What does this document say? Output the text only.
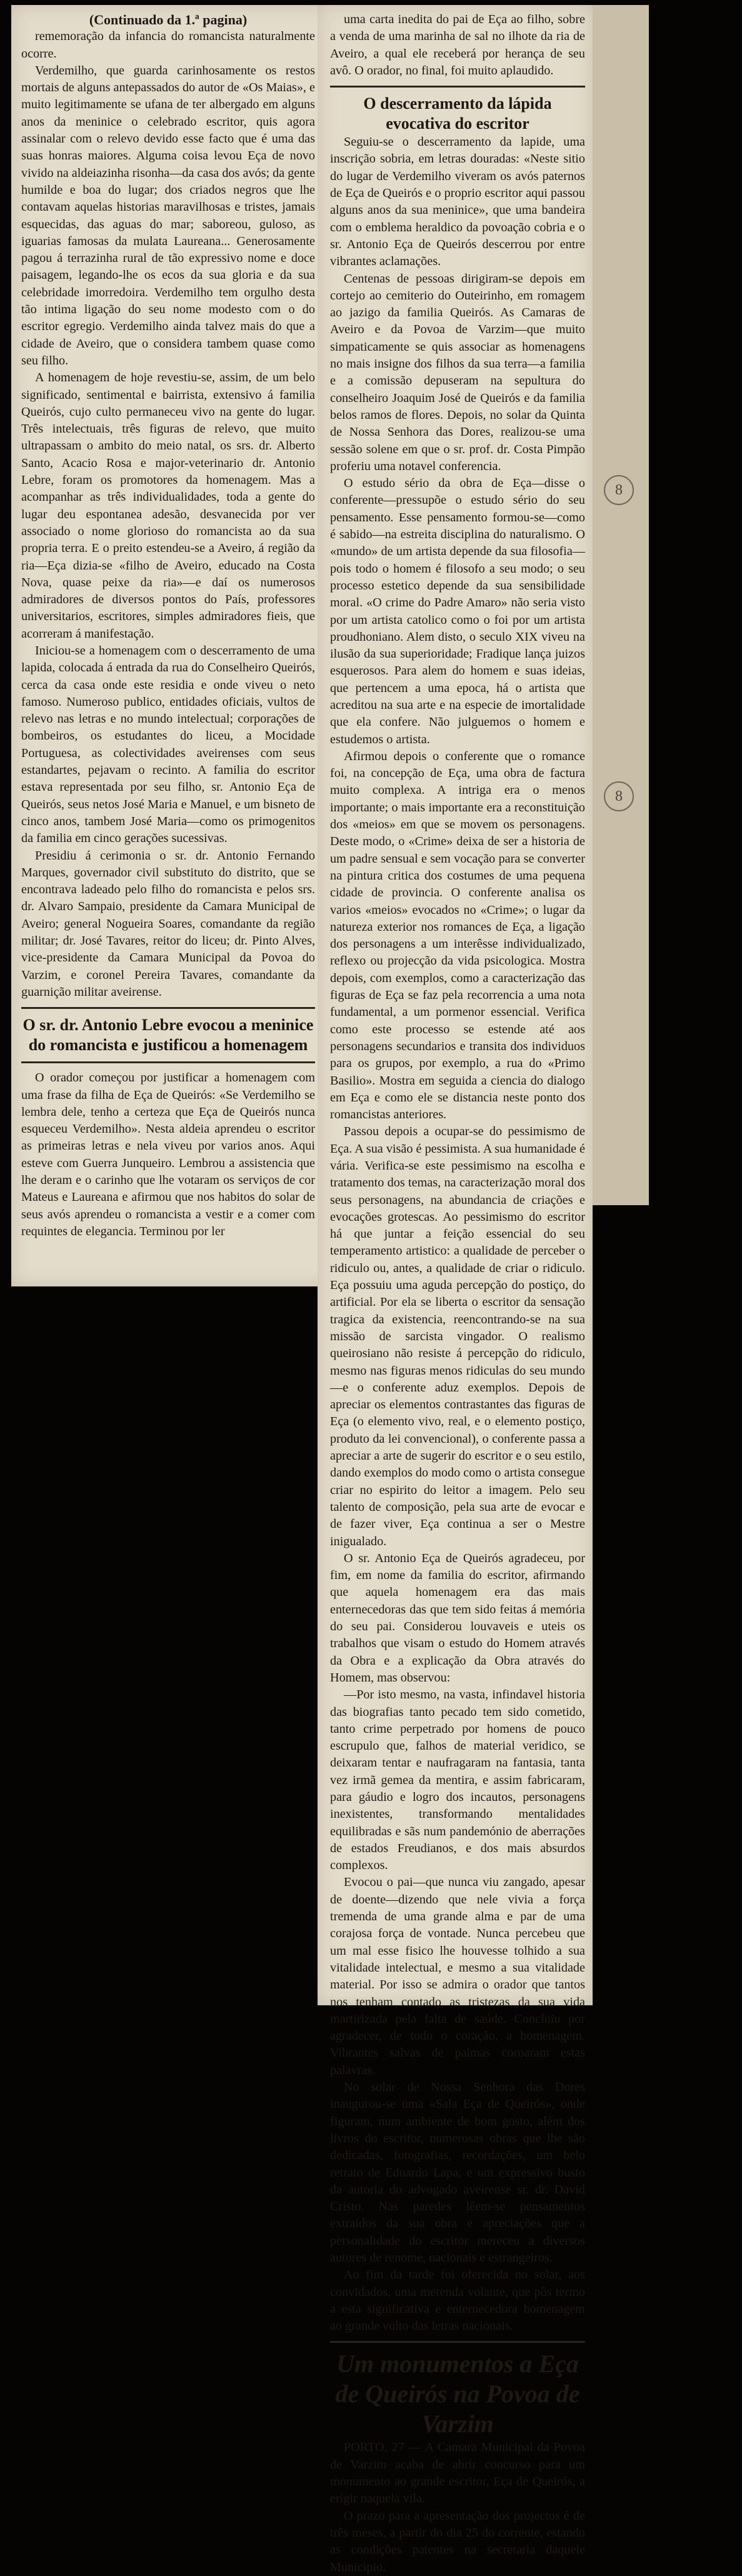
8
8

(Continuado da 1.ª pagina)

rememoração da infancia do romancista naturalmente ocorre.

Verdemilho, que guarda carinhosamente os restos mortais de alguns antepassados do autor de «Os Maias», e muito legitimamente se ufana de ter albergado em alguns anos da meninice o celebrado escritor, quis agora assinalar com o relevo devido esse facto que é uma das suas honras maiores. Alguma coisa levou Eça de novo vivido na aldeiazinha risonha—da casa dos avós; da gente humilde e boa do lugar; dos criados negros que lhe contavam aquelas historias maravilhosas e tristes, jamais esquecidas, das aguas do mar; saboreou, guloso, as iguarias famosas da mulata Laureana... Generosamente pagou á terrazinha rural de tão expressivo nome e doce paisagem, legando-lhe os ecos da sua gloria e da sua celebridade imorredoira. Verdemilho tem orgulho desta tão intima ligação do seu nome modesto com o do escritor egregio. Verdemilho ainda talvez mais do que a cidade de Aveiro, que o considera tambem quase como seu filho.

A homenagem de hoje revestiu-se, assim, de um belo significado, sentimental e bairrista, extensivo á familia Queirós, cujo culto permaneceu vivo na gente do lugar. Três intelectuais, três figuras de relevo, que muito ultrapassam o ambito do meio natal, os srs. dr. Alberto Santo, Acacio Rosa e major-veterinario dr. Antonio Lebre, foram os promotores da homenagem. Mas a acompanhar as três individualidades, toda a gente do lugar deu espontanea adesão, desvanecida por ver associado o nome glorioso do romancista ao da sua propria terra. E o preito estendeu-se a Aveiro, á região da ria—Eça dizia-se «filho de Aveiro, educado na Costa Nova, quase peixe da ria»—e daí os numerosos admiradores de diversos pontos do País, professores universitarios, escritores, simples admiradores fieis, que acorreram á manifestação.

Iniciou-se a homenagem com o descerramento de uma lapida, colocada á entrada da rua do Conselheiro Queirós, cerca da casa onde este residia e onde viveu o neto famoso. Numeroso publico, entidades oficiais, vultos de relevo nas letras e no mundo intelectual; corporações de bombeiros, os estudantes do liceu, a Mocidade Portuguesa, as colectividades aveirenses com seus estandartes, pejavam o recinto. A familia do escritor estava representada por seu filho, sr. Antonio Eça de Queirós, seus netos José Maria e Manuel, e um bisneto de cinco anos, tambem José Maria—como os primogenitos da familia em cinco gerações sucessivas.

Presidiu á cerimonia o sr. dr. Antonio Fernando Marques, governador civil substituto do distrito, que se encontrava ladeado pelo filho do romancista e pelos srs. dr. Alvaro Sampaio, presidente da Camara Municipal de Aveiro; general Nogueira Soares, comandante da região militar; dr. José Tavares, reitor do liceu; dr. Pinto Alves, vice-presidente da Camara Municipal da Povoa do Varzim, e coronel Pereira Tavares, comandante da guarnição militar aveirense.

O sr. dr. Antonio Lebre evocou a meninice do romancista e justificou a homenagem

O orador começou por justificar a homenagem com uma frase da filha de Eça de Queirós: «Se Verdemilho se lembra dele, tenho a certeza que Eça de Queirós nunca esqueceu Verdemilho». Nesta aldeia aprendeu o escritor as primeiras letras e nela viveu por varios anos. Aqui esteve com Guerra Junqueiro. Lembrou a assistencia que lhe deram e o carinho que lhe votaram os serviços de cor Mateus e Laureana e afirmou que nos habitos do solar de seus avós aprendeu o romancista a vestir e a comer com requintes de elegancia. Terminou por ler

uma carta inedita do pai de Eça ao filho, sobre a venda de uma marinha de sal no ilhote da ria de Aveiro, a qual ele receberá por herança de seu avô. O orador, no final, foi muito aplaudido.

O descerramento da lápida evocativa do escritor

Seguiu-se o descerramento da lapide, uma inscrição sobria, em letras douradas: «Neste sitio do lugar de Verdemilho viveram os avós paternos de Eça de Queirós e o proprio escritor aqui passou alguns anos da sua meninice», que uma bandeira com o emblema heraldico da povoação cobria e o sr. Antonio Eça de Queirós descerrou por entre vibrantes aclamações.

Centenas de pessoas dirigiram-se depois em cortejo ao cemiterio do Outeirinho, em romagem ao jazigo da familia Queirós. As Camaras de Aveiro e da Povoa de Varzim—que muito simpaticamente se quis associar as homenagens no mais insigne dos filhos da sua terra—a familia e a comissão depuseram na sepultura do conselheiro Joaquim José de Queirós e da familia belos ramos de flores. Depois, no solar da Quinta de Nossa Senhora das Dores, realizou-se uma sessão solene em que o sr. prof. dr. Costa Pimpão proferiu uma notavel conferencia.

O estudo sério da obra de Eça—disse o conferente—pressupõe o estudo sério do seu pensamento. Esse pensamento formou-se—como é sabido—na estreita disciplina do naturalismo. O «mundo» de um artista depende da sua filosofia—pois todo o homem é filosofo a seu modo; o seu processo estetico depende da sua sensibilidade moral. «O crime do Padre Amaro» não seria visto por um artista catolico como o foi por um artista proudhoniano. Alem disto, o seculo XIX viveu na ilusão da sua superioridade; Fradique lança juizos esquerosos. Para alem do homem e suas ideias, que pertencem a uma epoca, há o artista que acreditou na sua arte e na especie de imortalidade que ela confere. Não julguemos o homem e estudemos o artista.

Afirmou depois o conferente que o romance foi, na concepção de Eça, uma obra de factura muito complexa. A intriga era o menos importante; o mais importante era a reconstituição dos «meios» em que se movem os personagens. Deste modo, o «Crime» deixa de ser a historia de um padre sensual e sem vocação para se converter na pintura critica dos costumes de uma pequena cidade de provincia. O conferente analisa os varios «meios» evocados no «Crime»; o lugar da natureza exterior nos romances de Eça, a ligação dos personagens a um interêsse individualizado, reflexo ou projecção da vida psicologica. Mostra depois, com exemplos, como a caracterização das figuras de Eça se faz pela recorrencia a uma nota fundamental, a um pormenor essencial. Verifica como este processo se estende até aos personagens secundarios e transita dos individuos para os grupos, por exemplo, a rua do «Primo Basilio». Mostra em seguida a ciencia do dialogo em Eça e como ele se distancia neste ponto dos romancistas anteriores.

Passou depois a ocupar-se do pessimismo de Eça. A sua visão é pessimista. A sua humanidade é vária. Verifica-se este pessimismo na escolha e tratamento dos temas, na caracterização moral dos seus personagens, na abundancia de criações e evocações grotescas. Ao pessimismo do escritor há que juntar a feição essencial do seu temperamento artistico: a qualidade de perceber o ridiculo ou, antes, a qualidade de criar o ridiculo. Eça possuiu uma aguda percepção do postiço, do artificial. Por ela se liberta o escritor da sensação tragica da existencia, reencontrando-se na sua missão de sarcista vingador. O realismo queirosiano não resiste á percepção do ridiculo, mesmo nas figuras menos ridiculas do seu mundo—e o conferente aduz exemplos. Depois de apreciar os elementos contrastantes das figuras de Eça (o elemento vivo, real, e o elemento postiço, produto da lei convencional), o conferente passa a apreciar a arte de sugerir do escritor e o seu estilo, dando exemplos do modo como o artista consegue criar no espirito do leitor a imagem. Pelo seu talento de composição, pela sua arte de evocar e de fazer viver, Eça continua a ser o Mestre inigualado.

O sr. Antonio Eça de Queirós agradeceu, por fim, em nome da familia do escritor, afirmando que aquela homenagem era das mais enternecedoras das que tem sido feitas á memória do seu pai. Considerou louvaveis e uteis os trabalhos que visam o estudo do Homem através da Obra e a explicação da Obra através do Homem, mas observou:

—Por isto mesmo, na vasta, infindavel historia das biografias tanto pecado tem sido cometido, tanto crime perpetrado por homens de pouco escrupulo que, falhos de material veridico, se deixaram tentar e naufragaram na fantasia, tanta vez irmã gemea da mentira, e assim fabricaram, para gáudio e logro dos incautos, personagens inexistentes, transformando mentalidades equilibradas e sãs num pandemónio de aberrações de estados Freudianos, e dos mais absurdos complexos.

Evocou o pai—que nunca viu zangado, apesar de doente—dizendo que nele vivia a força tremenda de uma grande alma e par de uma corajosa força de vontade. Nunca percebeu que um mal esse fisico lhe houvesse tolhido a sua vitalidade intelectual, e mesmo a sua vitalidade material. Por isso se admira o orador que tantos nos tenham contado as tristezas da sua vida martirizada pela falta de saúde. Concluiu por agradecer, de todo o coração, a homenagem. Vibrantes salvas de palmas coroaram estas palavras.

No solar de Nossa Senhora das Dores inaugurou-se uma «Sala Eça de Queirós», onde figuram, num ambiente de bom gosto, além dos livros do escritor, numerosas obras que lhe são dedicadas, fotografias, recordações, um belo retrato de Eduardo Lapa, e um expressivo busto da autoria do advogado aveirense sr. dr. David Cristo. Nas paredes lêem-se pensamentos extraídos da sua obra e apreciações que a personalidade do escritor mereceu a diversos autores de renome, nacionais e estrangeiros.

Ao fim da tarde foi oferecida no solar, aos convidados, uma merenda volante, que pôs termo a esta significativa e enternecedora homenagem ao grande vulto das letras nacionais.

Um monumentos a Eça de Queirós na Povoa de Varzim

PORTO, 27 — A Camara Municipal da Povoa de Varzim acaba de abrir concurso para um monumento ao grande escritor, Eça de Queirós, a erigir naquela vila.

O prazo para a apresentação dos projectos é de três meses, a partir do dia 25 do corrente, estando as condições patentes na secretaria daquele Municipio.
